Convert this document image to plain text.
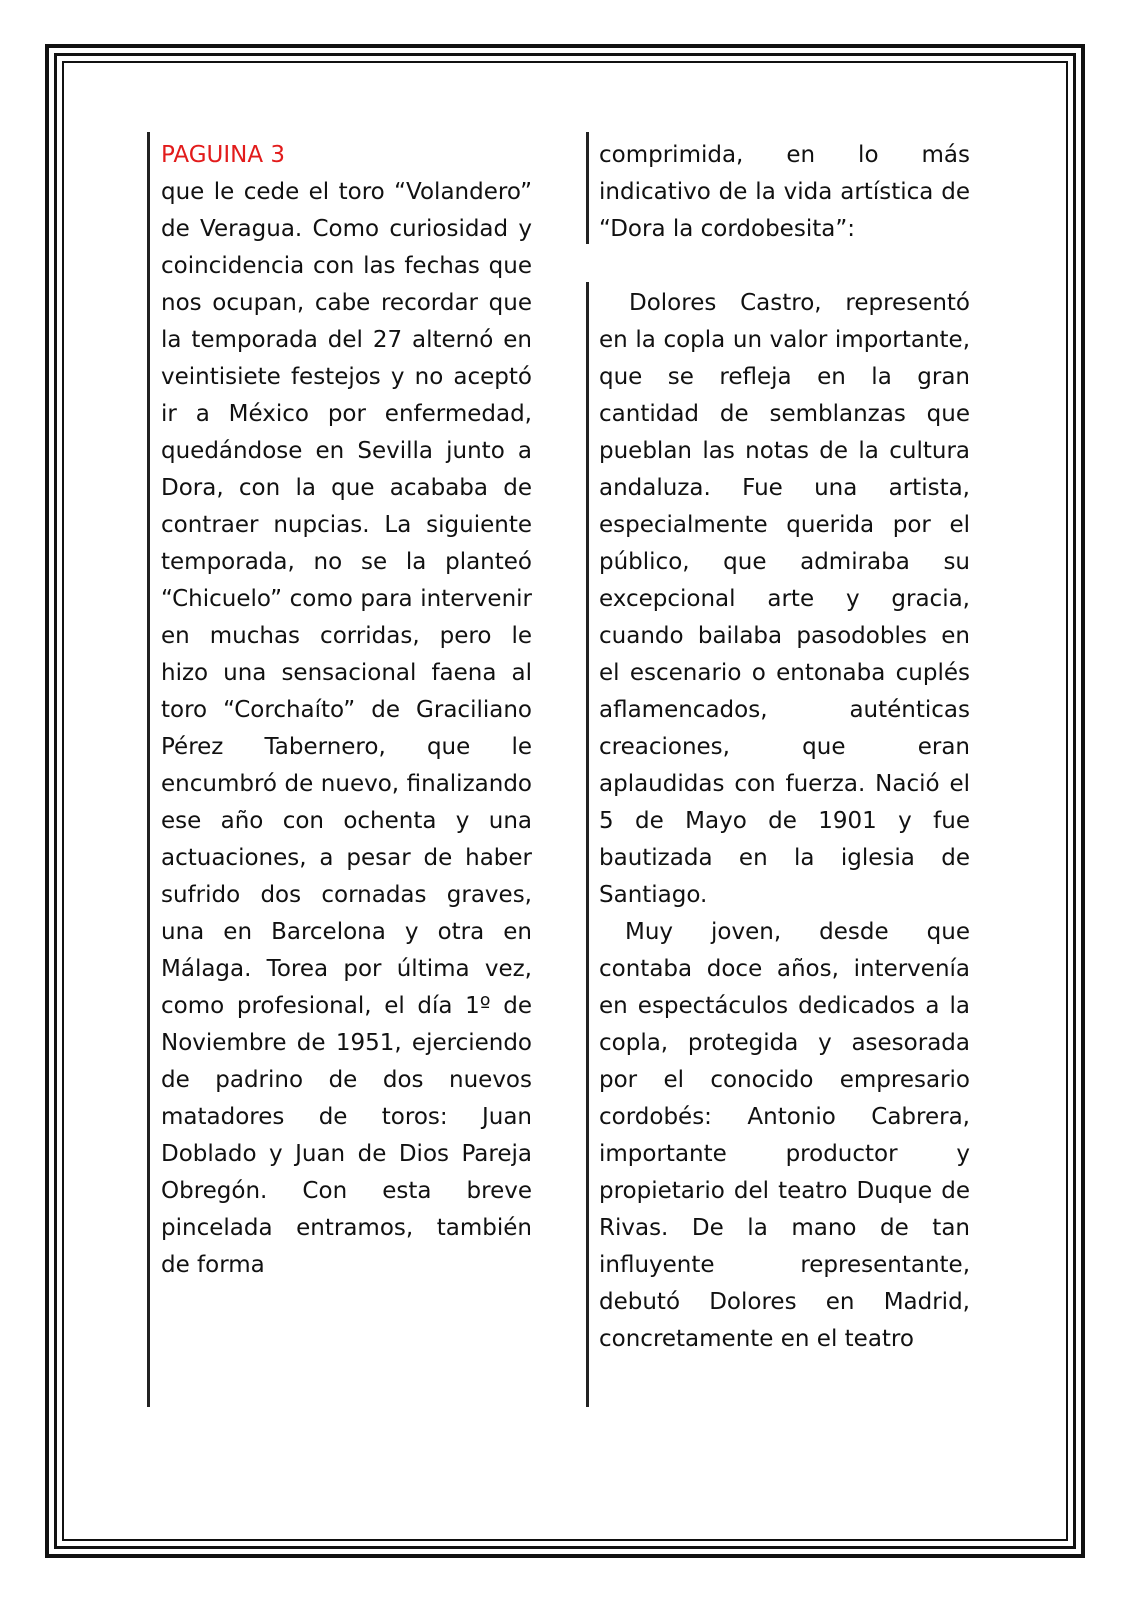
PAGUINA 3

que le cede el toro “Volandero” de Veragua. Como curiosidad y coincidencia con las fechas que nos ocupan, cabe recordar que la temporada del 27 alternó en veintisiete festejos y no aceptó ir a México por enfermedad, quedándose en Sevilla junto a Dora, con la que acababa de contraer nupcias. La siguiente temporada, no se la planteó “Chicuelo” como para intervenir en muchas corridas, pero le hizo una sensacional faena al toro “Corchaíto” de Graciliano Pérez Tabernero, que le encumbró de nuevo, finalizando ese año con ochenta y una actuaciones, a pesar de haber sufrido dos cornadas graves, una en Barcelona y otra en Málaga. Torea por última vez, como profesional, el día 1º de Noviembre de 1951, ejerciendo de padrino de dos nuevos matadores de toros: Juan Doblado y Juan de Dios Pareja Obregón. Con esta breve pincelada entramos, también de forma

comprimida, en lo más indicativo de la vida artística de “Dora la cordobesita”:

Dolores Castro, representó en la copla un valor importante, que se refleja en la gran cantidad de semblanzas que pueblan las notas de la cultura andaluza. Fue una artista, especialmente querida por el público, que admiraba su excepcional arte y gracia, cuando bailaba pasodobles en el escenario o entonaba cuplés aflamencados, auténticas creaciones, que eran aplaudidas con fuerza. Nació el 5 de Mayo de 1901 y fue bautizada en la iglesia de Santiago.

Muy joven, desde que contaba doce años, intervenía en espectáculos dedicados a la copla, protegida y asesorada por el conocido empresario cordobés: Antonio Cabrera, importante productor y propietario del teatro Duque de Rivas. De la mano de tan influyente representante, debutó Dolores en Madrid, concretamente en el teatro
